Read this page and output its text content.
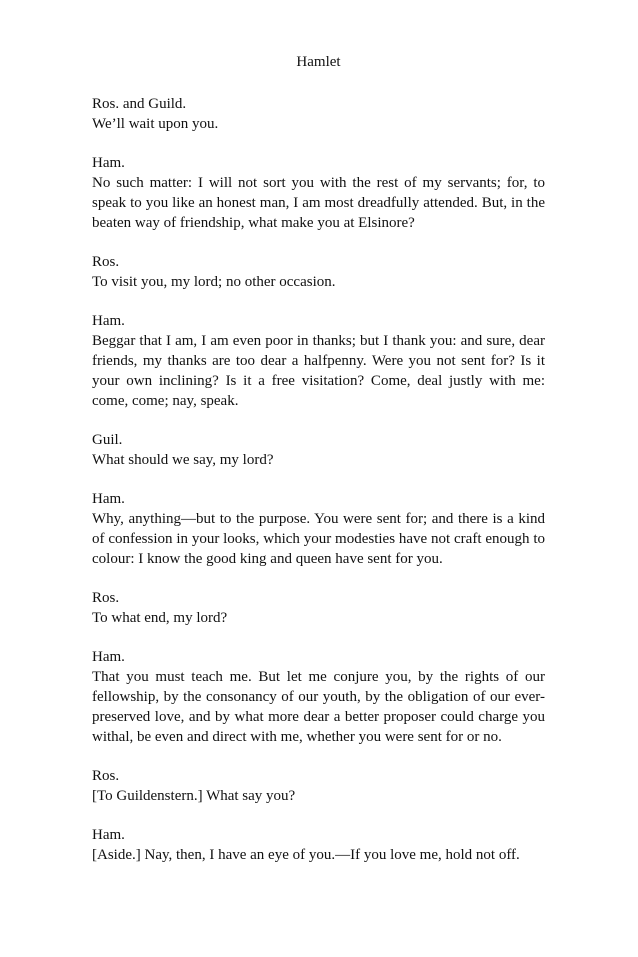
Hamlet

Ros. and Guild.

We’ll wait upon you.

Ham.

No such matter: I will not sort you with the rest of my servants; for, to speak to you like an honest man, I am most dreadfully attended. But, in the beaten way of friendship, what make you at Elsinore?

Ros.

To visit you, my lord; no other occasion.

Ham.

Beggar that I am, I am even poor in thanks; but I thank you: and sure, dear friends, my thanks are too dear a halfpenny. Were you not sent for? Is it your own inclining? Is it a free visitation? Come, deal justly with me: come, come; nay, speak.

Guil.

What should we say, my lord?

Ham.

Why, anything—but to the purpose. You were sent for; and there is a kind of confession in your looks, which your modesties have not craft enough to colour: I know the good king and queen have sent for you.

Ros.

To what end, my lord?

Ham.

That you must teach me. But let me conjure you, by the rights of our fellowship, by the consonancy of our youth, by the obligation of our ever-preserved love, and by what more dear a better proposer could charge you withal, be even and direct with me, whether you were sent for or no.

Ros.

[To Guildenstern.] What say you?

Ham.

[Aside.] Nay, then, I have an eye of you.—If you love me, hold not off.
